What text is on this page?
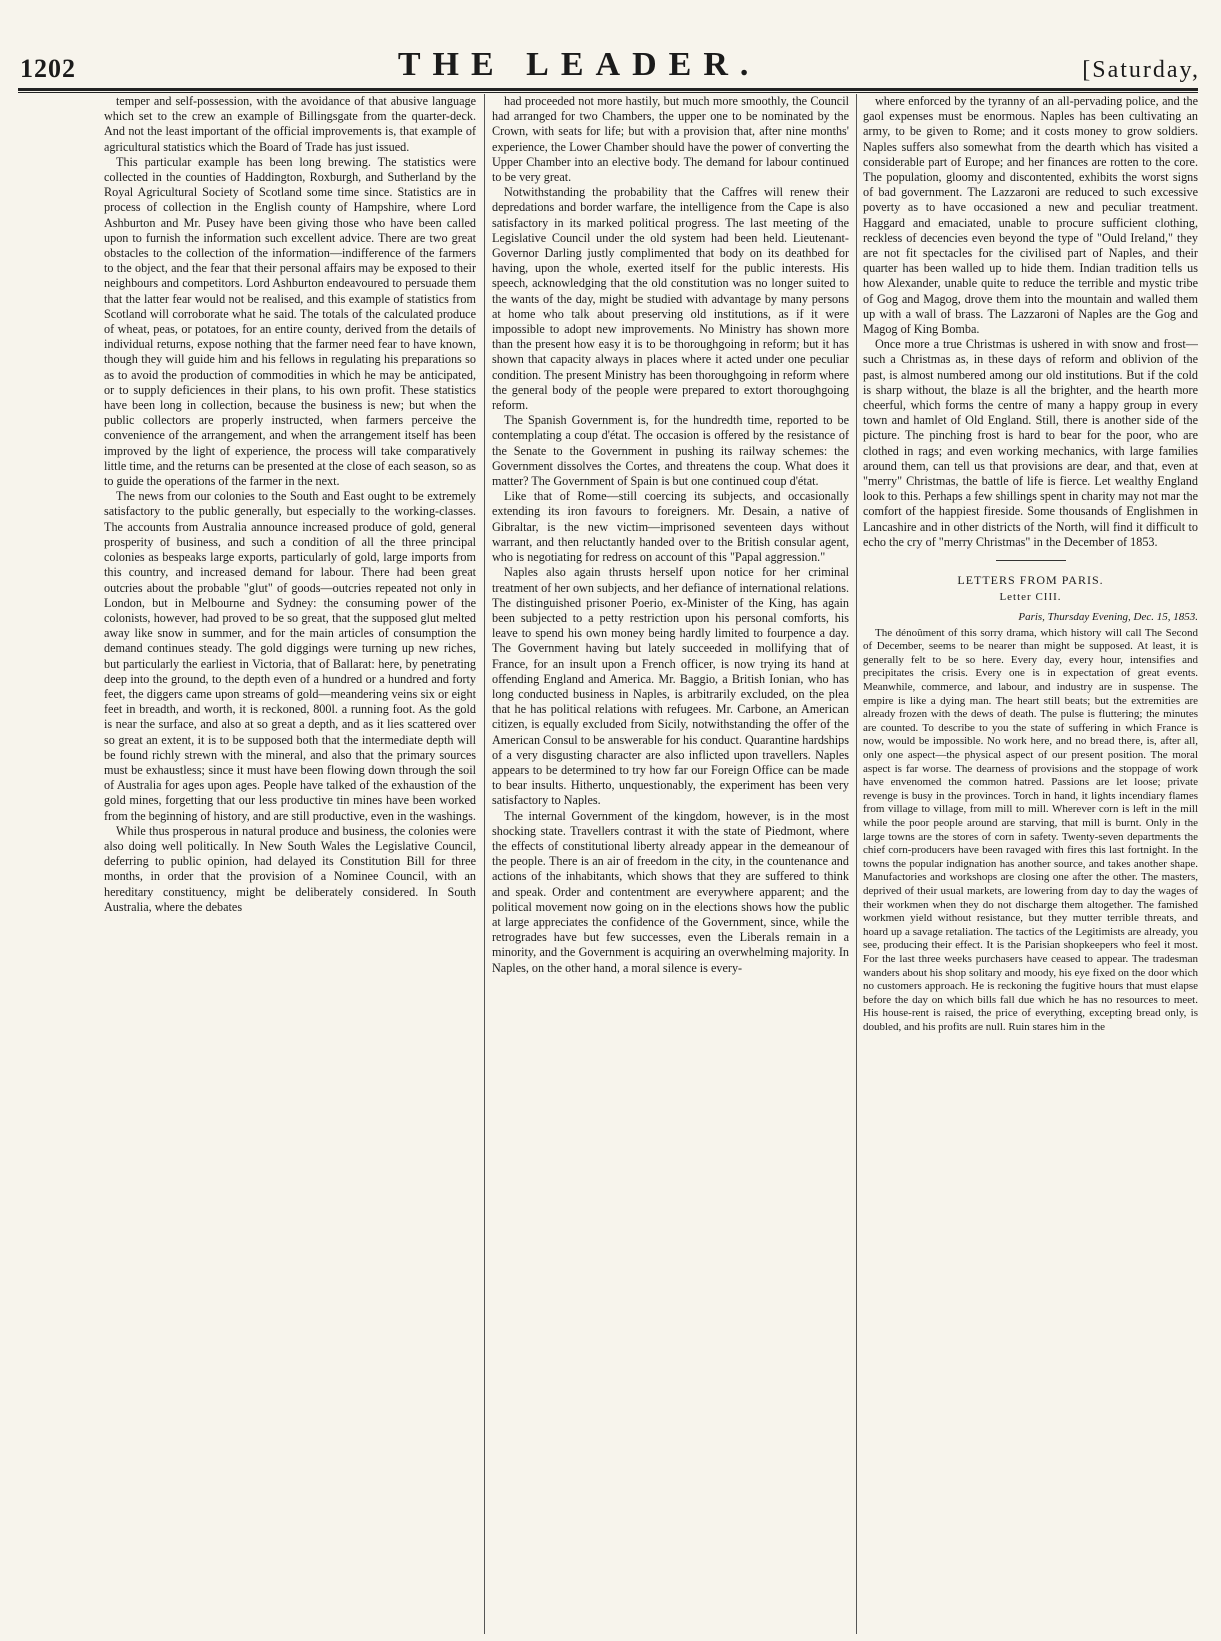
1202	THE LEADER.	[Saturday,

temper and self-possession, with the avoidance of that abusive language which set to the crew an example of Billingsgate from the quarter-deck. And not the least important of the official improvements is, that example of agricultural statistics which the Board of Trade has just issued.

This particular example has been long brewing. The statistics were collected in the counties of Haddington, Roxburgh, and Sutherland by the Royal Agricultural Society of Scotland some time since. Statistics are in process of collection in the English county of Hampshire, where Lord Ashburton and Mr. Pusey have been giving those who have been called upon to furnish the information such excellent advice. There are two great obstacles to the collection of the information—indifference of the farmers to the object, and the fear that their personal affairs may be exposed to their neighbours and competitors. Lord Ashburton endeavoured to persuade them that the latter fear would not be realised, and this example of statistics from Scotland will corroborate what he said. The totals of the calculated produce of wheat, peas, or potatoes, for an entire county, derived from the details of individual returns, expose nothing that the farmer need fear to have known, though they will guide him and his fellows in regulating his preparations so as to avoid the production of commodities in which he may be anticipated, or to supply deficiences in their plans, to his own profit. These statistics have been long in collection, because the business is new; but when the public collectors are properly instructed, when farmers perceive the convenience of the arrangement, and when the arrangement itself has been improved by the light of experience, the process will take comparatively little time, and the returns can be presented at the close of each season, so as to guide the operations of the farmer in the next.

The news from our colonies to the South and East ought to be extremely satisfactory to the public generally, but especially to the working-classes. The accounts from Australia announce increased produce of gold, general prosperity of business, and such a condition of all the three principal colonies as bespeaks large exports, particularly of gold, large imports from this country, and increased demand for labour. There had been great outcries about the probable "glut" of goods—outcries repeated not only in London, but in Melbourne and Sydney: the consuming power of the colonists, however, had proved to be so great, that the supposed glut melted away like snow in summer, and for the main articles of consumption the demand continues steady. The gold diggings were turning up new riches, but particularly the earliest in Victoria, that of Ballarat: here, by penetrating deep into the ground, to the depth even of a hundred or a hundred and forty feet, the diggers came upon streams of gold—meandering veins six or eight feet in breadth, and worth, it is reckoned, 800l. a running foot. As the gold is near the surface, and also at so great a depth, and as it lies scattered over so great an extent, it is to be supposed both that the intermediate depth will be found richly strewn with the mineral, and also that the primary sources must be exhaustless; since it must have been flowing down through the soil of Australia for ages upon ages. People have talked of the exhaustion of the gold mines, forgetting that our less productive tin mines have been worked from the beginning of history, and are still productive, even in the washings.

While thus prosperous in natural produce and business, the colonies were also doing well politically. In New South Wales the Legislative Council, deferring to public opinion, had delayed its Constitution Bill for three months, in order that the provision of a Nominee Council, with an hereditary constituency, might be deliberately considered. In South Australia, where the debates

had proceeded not more hastily, but much more smoothly, the Council had arranged for two Chambers, the upper one to be nominated by the Crown, with seats for life; but with a provision that, after nine months' experience, the Lower Chamber should have the power of converting the Upper Chamber into an elective body. The demand for labour continued to be very great.

Notwithstanding the probability that the Caffres will renew their depredations and border warfare, the intelligence from the Cape is also satisfactory in its marked political progress. The last meeting of the Legislative Council under the old system had been held. Lieutenant-Governor Darling justly complimented that body on its deathbed for having, upon the whole, exerted itself for the public interests. His speech, acknowledging that the old constitution was no longer suited to the wants of the day, might be studied with advantage by many persons at home who talk about preserving old institutions, as if it were impossible to adopt new improvements. No Ministry has shown more than the present how easy it is to be thoroughgoing in reform; but it has shown that capacity always in places where it acted under one peculiar condition. The present Ministry has been thoroughgoing in reform where the general body of the people were prepared to extort thoroughgoing reform.

The Spanish Government is, for the hundredth time, reported to be contemplating a coup d'état. The occasion is offered by the resistance of the Senate to the Government in pushing its railway schemes: the Government dissolves the Cortes, and threatens the coup. What does it matter? The Government of Spain is but one continued coup d'état.

Like that of Rome—still coercing its subjects, and occasionally extending its iron favours to foreigners. Mr. Desain, a native of Gibraltar, is the new victim—imprisoned seventeen days without warrant, and then reluctantly handed over to the British consular agent, who is negotiating for redress on account of this "Papal aggression."

Naples also again thrusts herself upon notice for her criminal treatment of her own subjects, and her defiance of international relations. The distinguished prisoner Poerio, ex-Minister of the King, has again been subjected to a petty restriction upon his personal comforts, his leave to spend his own money being hardly limited to fourpence a day. The Government having but lately succeeded in mollifying that of France, for an insult upon a French officer, is now trying its hand at offending England and America. Mr. Baggio, a British Ionian, who has long conducted business in Naples, is arbitrarily excluded, on the plea that he has political relations with refugees. Mr. Carbone, an American citizen, is equally excluded from Sicily, notwithstanding the offer of the American Consul to be answerable for his conduct. Quarantine hardships of a very disgusting character are also inflicted upon travellers. Naples appears to be determined to try how far our Foreign Office can be made to bear insults. Hitherto, unquestionably, the experiment has been very satisfactory to Naples.

The internal Government of the kingdom, however, is in the most shocking state. Travellers contrast it with the state of Piedmont, where the effects of constitutional liberty already appear in the demeanour of the people. There is an air of freedom in the city, in the countenance and actions of the inhabitants, which shows that they are suffered to think and speak. Order and contentment are everywhere apparent; and the political movement now going on in the elections shows how the public at large appreciates the confidence of the Government, since, while the retrogrades have but few successes, even the Liberals remain in a minority, and the Government is acquiring an overwhelming majority. In Naples, on the other hand, a moral silence is every-

where enforced by the tyranny of an all-pervading police, and the gaol expenses must be enormous. Naples has been cultivating an army, to be given to Rome; and it costs money to grow soldiers. Naples suffers also somewhat from the dearth which has visited a considerable part of Europe; and her finances are rotten to the core. The population, gloomy and discontented, exhibits the worst signs of bad government. The Lazzaroni are reduced to such excessive poverty as to have occasioned a new and peculiar treatment. Haggard and emaciated, unable to procure sufficient clothing, reckless of decencies even beyond the type of "Ould Ireland," they are not fit spectacles for the civilised part of Naples, and their quarter has been walled up to hide them. Indian tradition tells us how Alexander, unable quite to reduce the terrible and mystic tribe of Gog and Magog, drove them into the mountain and walled them up with a wall of brass. The Lazzaroni of Naples are the Gog and Magog of King Bomba.

Once more a true Christmas is ushered in with snow and frost—such a Christmas as, in these days of reform and oblivion of the past, is almost numbered among our old institutions. But if the cold is sharp without, the blaze is all the brighter, and the hearth more cheerful, which forms the centre of many a happy group in every town and hamlet of Old England. Still, there is another side of the picture. The pinching frost is hard to bear for the poor, who are clothed in rags; and even working mechanics, with large families around them, can tell us that provisions are dear, and that, even at "merry" Christmas, the battle of life is fierce. Let wealthy England look to this. Perhaps a few shillings spent in charity may not mar the comfort of the happiest fireside. Some thousands of Englishmen in Lancashire and in other districts of the North, will find it difficult to echo the cry of "merry Christmas" in the December of 1853.

LETTERS FROM PARIS.
Letter CIII.
Paris, Thursday Evening, Dec. 15, 1853.

The dénoûment of this sorry drama, which history will call The Second of December, seems to be nearer than might be supposed. At least, it is generally felt to be so here. Every day, every hour, intensifies and precipitates the crisis. Every one is in expectation of great events. Meanwhile, commerce, and labour, and industry are in suspense. The empire is like a dying man. The heart still beats; but the extremities are already frozen with the dews of death. The pulse is fluttering; the minutes are counted. To describe to you the state of suffering in which France is now, would be impossible. No work here, and no bread there, is, after all, only one aspect—the physical aspect of our present position. The moral aspect is far worse. The dearness of provisions and the stoppage of work have envenomed the common hatred. Passions are let loose; private revenge is busy in the provinces. Torch in hand, it lights incendiary flames from village to village, from mill to mill. Wherever corn is left in the mill while the poor people around are starving, that mill is burnt. Only in the large towns are the stores of corn in safety. Twenty-seven departments the chief corn-producers have been ravaged with fires this last fortnight. In the towns the popular indignation has another source, and takes another shape. Manufactories and workshops are closing one after the other. The masters, deprived of their usual markets, are lowering from day to day the wages of their workmen when they do not discharge them altogether. The famished workmen yield without resistance, but they mutter terrible threats, and hoard up a savage retaliation. The tactics of the Legitimists are already, you see, producing their effect. It is the Parisian shopkeepers who feel it most. For the last three weeks purchasers have ceased to appear. The tradesman wanders about his shop solitary and moody, his eye fixed on the door which no customers approach. He is reckoning the fugitive hours that must elapse before the day on which bills fall due which he has no resources to meet. His house-rent is raised, the price of everything, excepting bread only, is doubled, and his profits are null. Ruin stares him in the
